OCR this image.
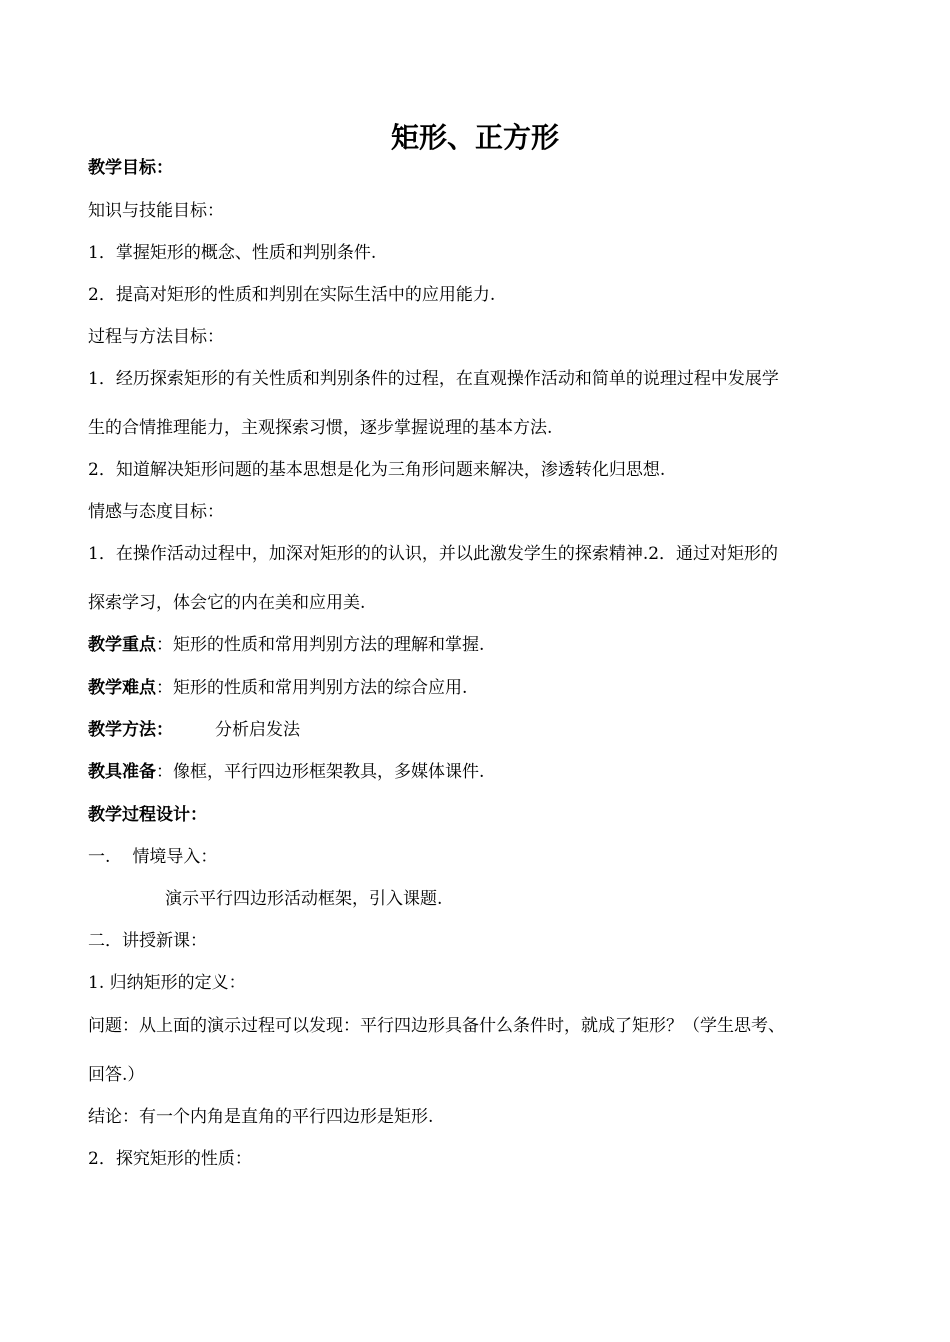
矩形、正方形
教学目标：
知识与技能目标：
1．掌握矩形的概念、性质和判别条件.
2．提高对矩形的性质和判别在实际生活中的应用能力.
过程与方法目标：
1．经历探索矩形的有关性质和判别条件的过程，在直观操作活动和简单的说理过程中发展学
生的合情推理能力，主观探索习惯，逐步掌握说理的基本方法.
2．知道解决矩形问题的基本思想是化为三角形问题来解决，渗透转化归思想.
情感与态度目标：
1．在操作活动过程中，加深对矩形的的认识，并以此激发学生的探索精神.2．通过对矩形的
探索学习，体会它的内在美和应用美.
教学重点：矩形的性质和常用判别方法的理解和掌握.
教学难点：矩形的性质和常用判别方法的综合应用.
教学方法： 分析启发法
教具准备：像框，平行四边形框架教具，多媒体课件.
教学过程设计：
一. 情境导入：
演示平行四边形活动框架，引入课题.
二．讲授新课：
1. 归纳矩形的定义：
问题：从上面的演示过程可以发现：平行四边形具备什么条件时，就成了矩形？（学生思考、
回答.）
结论：有一个内角是直角的平行四边形是矩形.
2．探究矩形的性质：
